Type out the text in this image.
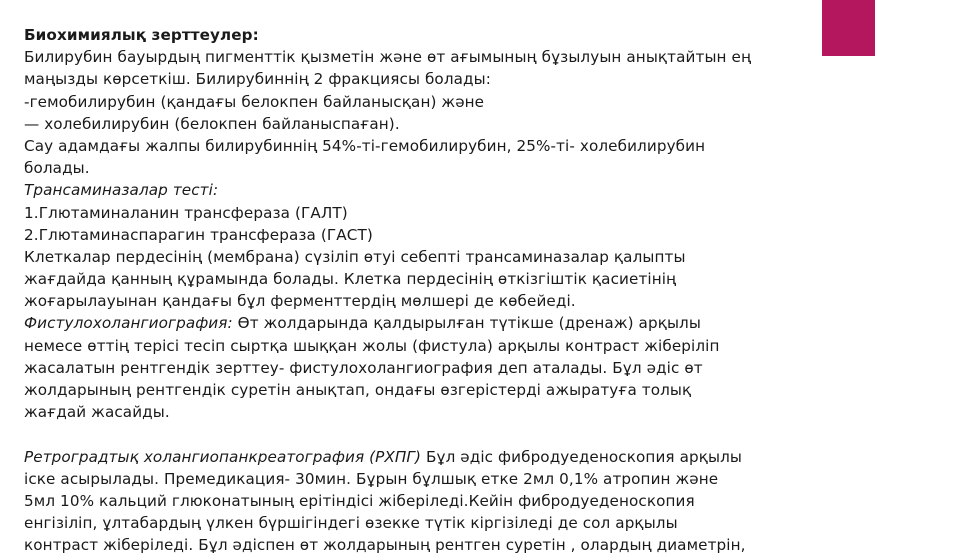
Биохимиялық зерттеулер:
Билирубин бауырдың пигменттік қызметін және өт ағымының бұзылуын анықтайтын ең
маңызды көрсеткіш. Билирубиннің 2 фракциясы болады:
-гемобилирубин (қандағы белокпен байланысқан) және
— холебилирубин (белокпен байланыспаған).
Сау адамдағы жалпы билирубиннің 54%-ті-гемобилирубин, 25%-ті- холебилирубин
болады.
Трансаминазалар тесті:
1.Глютаминаланин трансфераза (ГАЛТ)
2.Глютаминаспарагин трансфераза (ГАСТ)
Клеткалар пердесінің (мембрана) сүзіліп өтуі себепті трансаминазалар қалыпты
жағдайда қанның құрамында болады. Клетка пердесінің өткізгіштік қасиетінің
жоғарылауынан қандағы бұл ферменттердің мөлшері де көбейеді.
Фистулохолангиография: Өт жолдарында қалдырылған түтікше (дренаж) арқылы
немесе өттің терісі тесіп сыртқа шыққан жолы (фистула) арқылы контраст жіберіліп
жасалатын рентгендік зерттеу- фистулохолангиография деп аталады. Бұл әдіс өт
жолдарының рентгендік суретін анықтап, ондағы өзгерістерді ажыратуға толық
жағдай жасайды.
Ретроградтық холангиопанкреатография (РХПГ) Бұл әдіс фибродуеденоскопия арқылы
іске асырылады. Премедикация- 30мин. Бұрын бұлшық етке 2мл 0,1% атропин және
5мл 10% кальций глюконатының ерітіндісі жіберіледі.Кейін фибродуеденоскопия
енгізіліп, ұлтабардың үлкен бүршігіндегі өзекке түтік кіргізіледі де сол арқылы
контраст жіберіледі. Бұл әдіспен өт жолдарының рентген суретін , олардың диаметрін,
